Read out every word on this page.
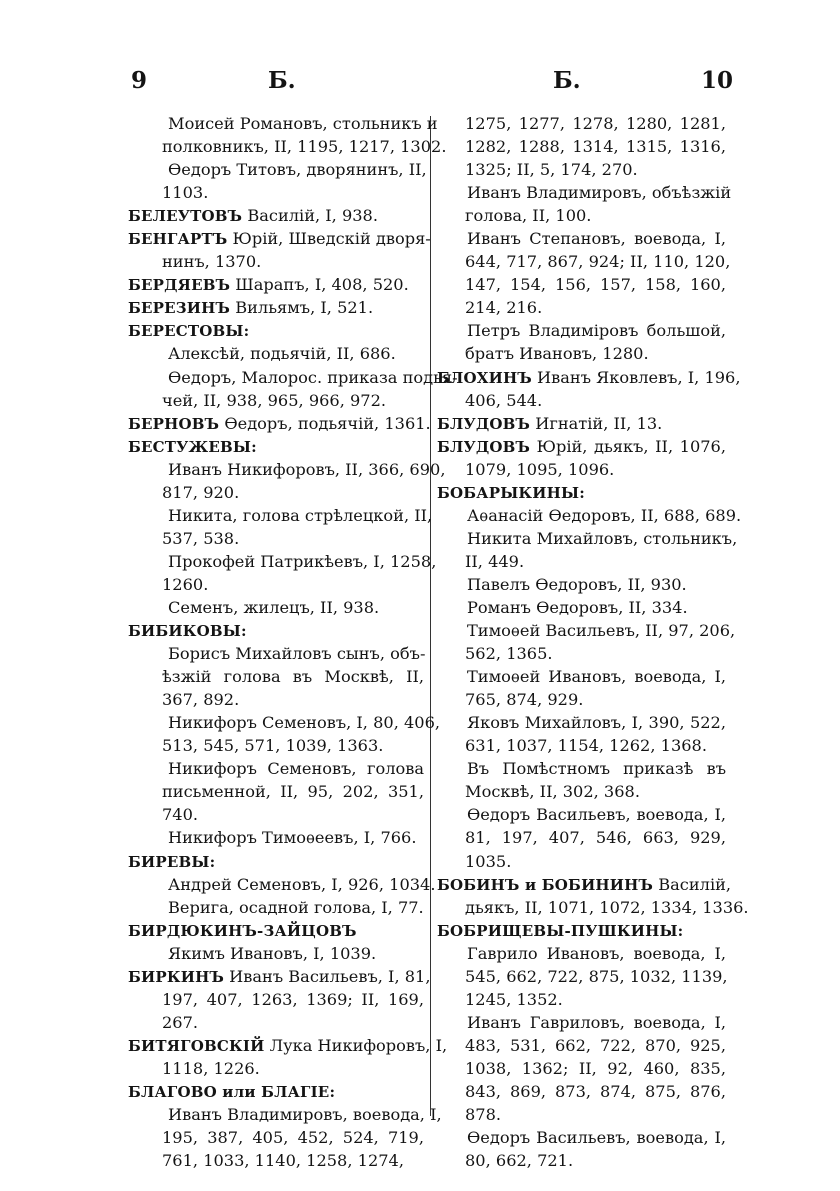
9	Б.	Б.	10
Моисей Романовъ, стольникъ и
полковникъ, II, 1195, 1217, 1302.
Өедоръ Титовъ, дворянинъ, II,
1103.
БЕЛЕУТОВЪ Василій, I, 938.
БЕНГАРТЪ Юрій, Шведскій дворя-
нинъ, 1370.
БЕРДЯЕВЪ Шарапъ, I, 408, 520.
БЕРЕЗИНЪ Вильямъ, I, 521.
БЕРЕСТОВЫ:
Алексѣй, подьячій, II, 686.
Өедоръ, Малорос. приказа подья-
чей, II, 938, 965, 966, 972.
БЕРНОВЪ Өедоръ, подьячій, 1361.
БЕСТУЖЕВЫ:
Иванъ Никифоровъ, II, 366, 690,
817, 920.
Никита, голова стрѣлецкой, II,
537, 538.
Прокофей Патрикѣевъ, I, 1258,
1260.
Семенъ, жилецъ, II, 938.
БИБИКОВЫ:
Борисъ Михайловъ сынъ, объ-
ѣзжій голова въ Москвѣ, II,
367, 892.
Никифоръ Семеновъ, I, 80, 406,
513, 545, 571, 1039, 1363.
Никифоръ Семеновъ, голова
письменной, II, 95, 202, 351,
740.
Никифоръ Тимоѳеевъ, I, 766.
БИРЕВЫ:
Андрей Семеновъ, I, 926, 1034.
Верига, осадной голова, I, 77.
БИРДЮКИНЪ-ЗАЙЦОВЪ
Якимъ Ивановъ, I, 1039.
БИРКИНЪ Иванъ Васильевъ, I, 81,
197, 407, 1263, 1369; II, 169,
267.
БИТЯГОВСКІЙ Лука Никифоровъ, I,
1118, 1226.
БЛАГОВО или БЛАГІЕ:
Иванъ Владимировъ, воевода, I,
195, 387, 405, 452, 524, 719,
761, 1033, 1140, 1258, 1274,
1275, 1277, 1278, 1280, 1281,
1282, 1288, 1314, 1315, 1316,
1325; II, 5, 174, 270.
Иванъ Владимировъ, объѣзжій
голова, II, 100.
Иванъ Степановъ, воевода, I,
644, 717, 867, 924; II, 110, 120,
147, 154, 156, 157, 158, 160,
214, 216.
Петръ Владиміровъ большой,
братъ Ивановъ, 1280.
БЛОХИНЪ Иванъ Яковлевъ, I, 196,
406, 544.
БЛУДОВЪ Игнатій, II, 13.
БЛУДОВЪ Юрій, дьякъ, II, 1076,
1079, 1095, 1096.
БОБАРЫКИНЫ:
Аѳанасій Өедоровъ, II, 688, 689.
Никита Михайловъ, стольникъ,
II, 449.
Павелъ Өедоровъ, II, 930.
Романъ Өедоровъ, II, 334.
Тимоѳей Васильевъ, II, 97, 206,
562, 1365.
Тимоѳей Ивановъ, воевода, I,
765, 874, 929.
Яковъ Михайловъ, I, 390, 522,
631, 1037, 1154, 1262, 1368.
Въ Помѣстномъ приказѣ въ
Москвѣ, II, 302, 368.
Өедоръ Васильевъ, воевода, I,
81, 197, 407, 546, 663, 929,
1035.
БОБИНЪ и БОБИНИНЪ Василій,
дьякъ, II, 1071, 1072, 1334, 1336.
БОБРИЩЕВЫ-ПУШКИНЫ:
Гаврило Ивановъ, воевода, I,
545, 662, 722, 875, 1032, 1139,
1245, 1352.
Иванъ Гавриловъ, воевода, I,
483, 531, 662, 722, 870, 925,
1038, 1362; II, 92, 460, 835,
843, 869, 873, 874, 875, 876,
878.
Өедоръ Васильевъ, воевода, I,
80, 662, 721.
